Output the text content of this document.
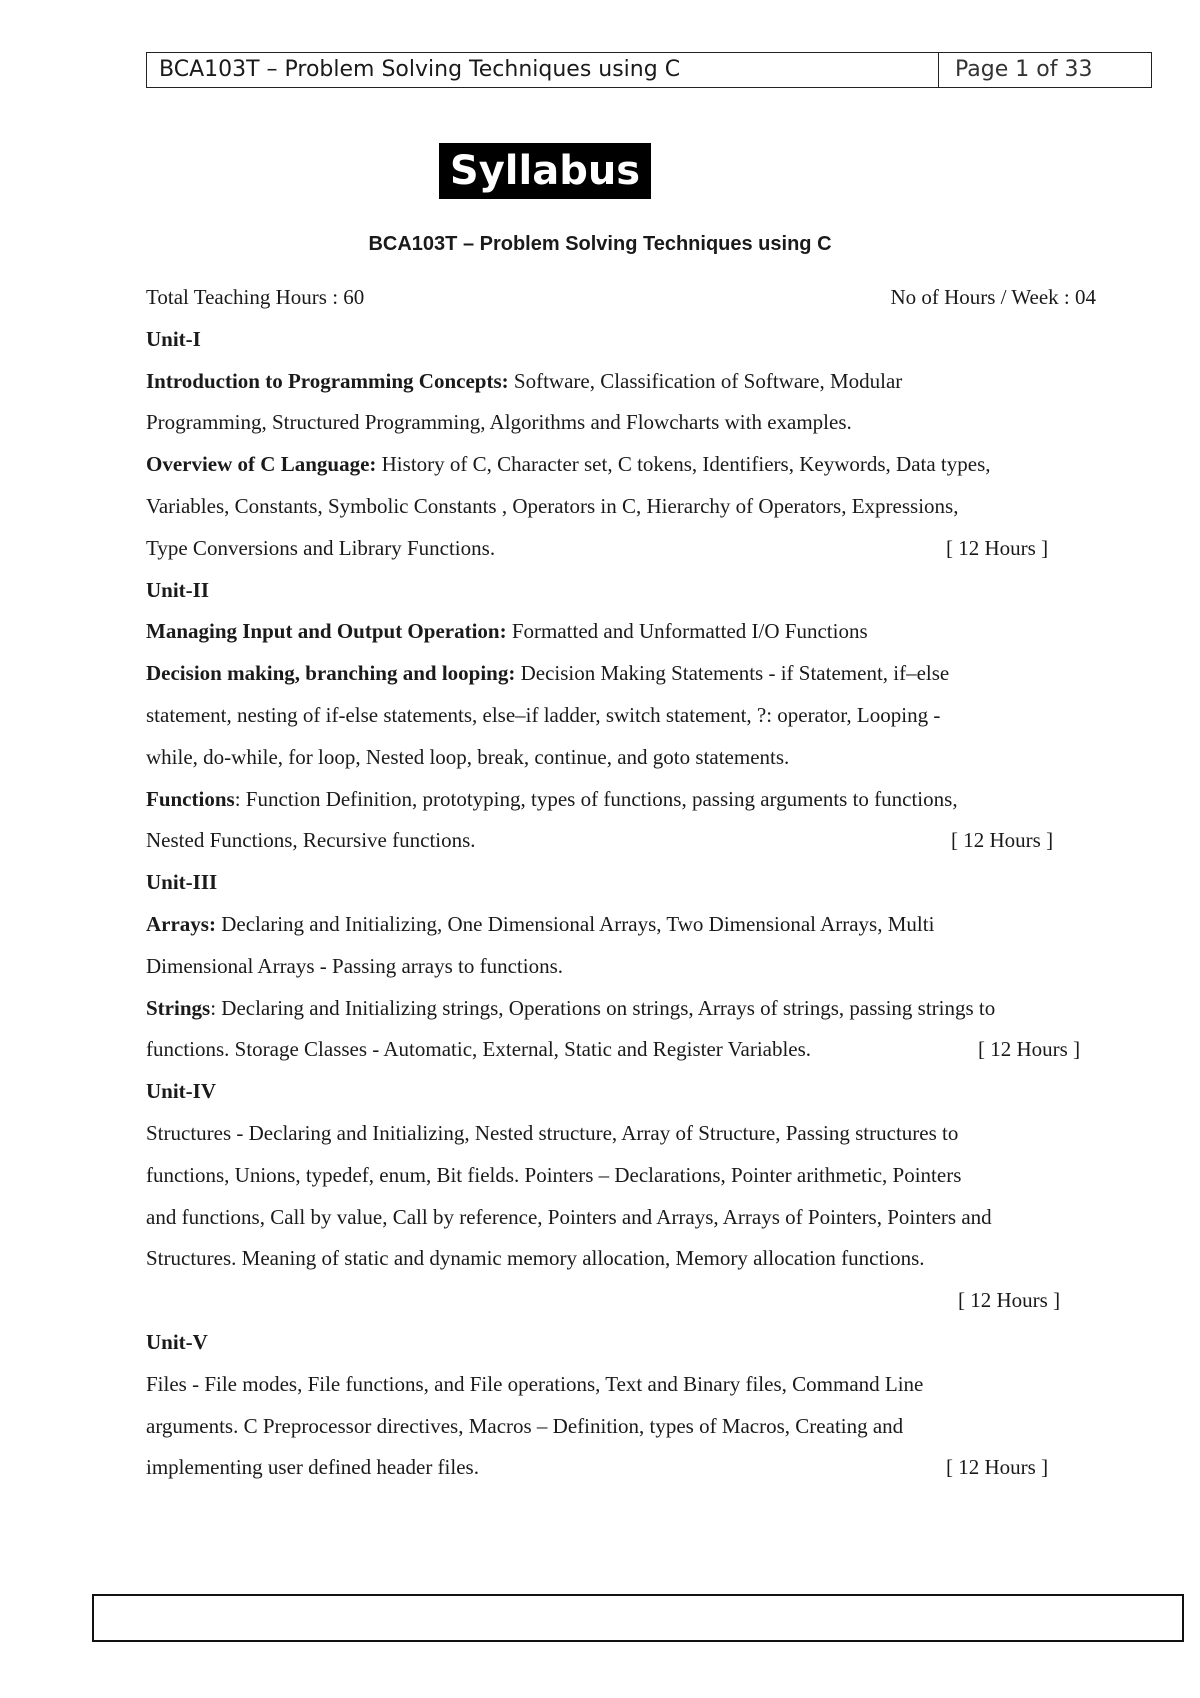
BCA103T – Problem Solving Techniques using C	Page 1 of 33
Syllabus
BCA103T – Problem Solving Techniques using C
Total Teaching Hours : 60	No of Hours / Week : 04
Unit-I
Introduction to Programming Concepts: Software, Classification of Software, Modular
Programming, Structured Programming, Algorithms and Flowcharts with examples.
Overview of C Language: History of C, Character set, C tokens, Identifiers, Keywords, Data types,
Variables, Constants, Symbolic Constants , Operators in C, Hierarchy of Operators, Expressions,
Type Conversions and Library Functions.	[ 12 Hours ]
Unit-II
Managing Input and Output Operation: Formatted and Unformatted I/O Functions
Decision making, branching and looping: Decision Making Statements - if Statement, if–else
statement, nesting of if-else statements, else–if ladder, switch statement, ?: operator, Looping -
while, do-while, for loop, Nested loop, break, continue, and goto statements.
Functions: Function Definition, prototyping, types of functions, passing arguments to functions,
Nested Functions, Recursive functions.	[ 12 Hours ]
Unit-III
Arrays: Declaring and Initializing, One Dimensional Arrays, Two Dimensional Arrays, Multi
Dimensional Arrays - Passing arrays to functions.
Strings: Declaring and Initializing strings, Operations on strings, Arrays of strings, passing strings to
functions. Storage Classes - Automatic, External, Static and Register Variables.	[ 12 Hours ]
Unit-IV
Structures - Declaring and Initializing, Nested structure, Array of Structure, Passing structures to
functions, Unions, typedef, enum, Bit fields. Pointers – Declarations, Pointer arithmetic, Pointers
and functions, Call by value, Call by reference, Pointers and Arrays, Arrays of Pointers, Pointers and
Structures. Meaning of static and dynamic memory allocation, Memory allocation functions.
[ 12 Hours ]
Unit-V
Files - File modes, File functions, and File operations, Text and Binary files, Command Line
arguments. C Preprocessor directives, Macros – Definition, types of Macros, Creating and
implementing user defined header files.	[ 12 Hours ]
